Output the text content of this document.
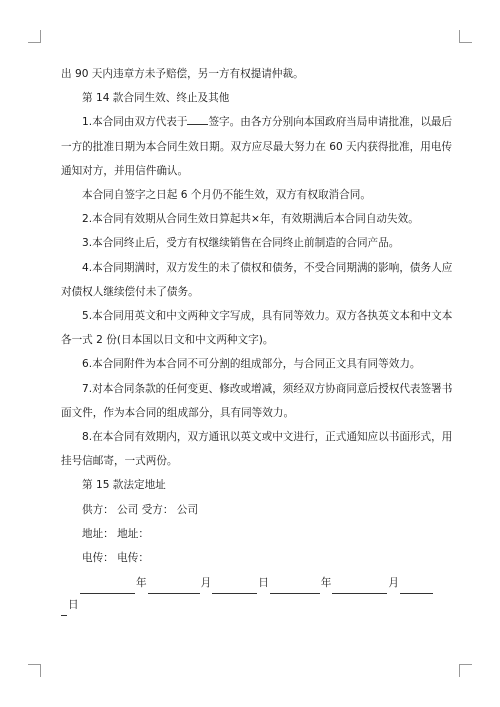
出 90 天内违章方未予赔偿，另一方有权提请仲裁。
第 14 款合同生效、终止及其他
1.本合同由双方代表于 签字。由各方分别向本国政府当局申请批准，以最后
一方的批准日期为本合同生效日期。双方应尽最大努力在 60 天内获得批准，用电传
通知对方，并用信件确认。
本合同自签字之日起 6 个月仍不能生效，双方有权取消合同。
2.本合同有效期从合同生效日算起共×年，有效期满后本合同自动失效。
3.本合同终止后，受方有权继续销售在合同终止前制造的合同产品。
4.本合同期满时，双方发生的未了债权和债务，不受合同期满的影响，债务人应
对债权人继续偿付未了债务。
5.本合同用英文和中文两种文字写成，具有同等效力。双方各执英文本和中文本
各一式 2 份(日本国以日文和中文两种文字)。
6.本合同附件为本合同不可分割的组成部分，与合同正文具有同等效力。
7.对本合同条款的任何变更、修改或增减，须经双方协商同意后授权代表签署书
面文件，作为本合同的组成部分，具有同等效力。
8.在本合同有效期内，双方通讯以英文或中文进行，正式通知应以书面形式，用
挂号信邮寄，一式两份。
第 15 款法定地址
供方： 公司 受方： 公司
地址： 地址：
电传： 电传：
年	月	日	年	月
日
